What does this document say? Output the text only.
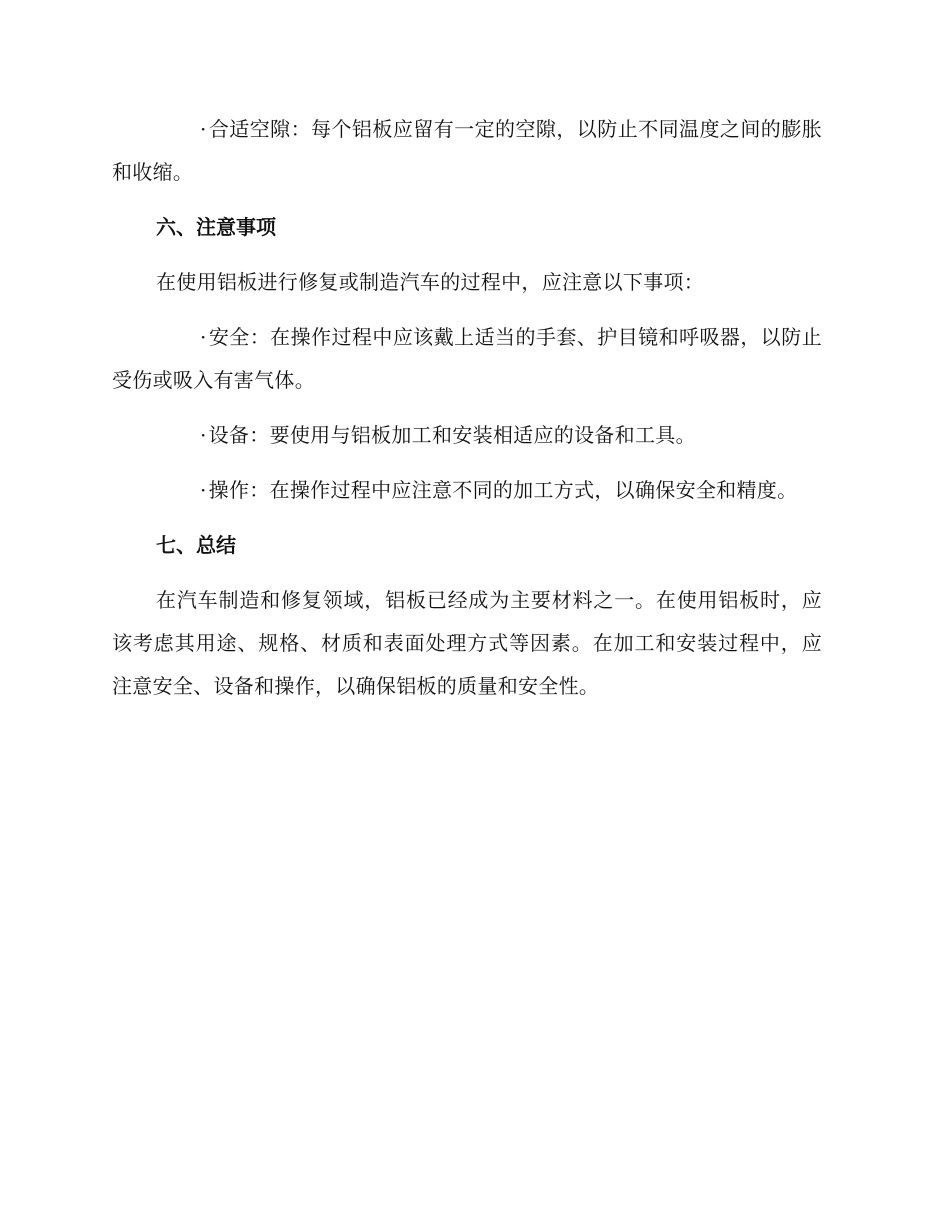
· 合适空隙：每个铝板应留有一定的空隙，以防止不同温度之间的膨胀和收缩。

六、注意事项

在使用铝板进行修复或制造汽车的过程中，应注意以下事项：

· 安全：在操作过程中应该戴上适当的手套、护目镜和呼吸器，以防止受伤或吸入有害气体。

· 设备：要使用与铝板加工和安装相适应的设备和工具。

· 操作：在操作过程中应注意不同的加工方式，以确保安全和精度。

七、总结

在汽车制造和修复领域，铝板已经成为主要材料之一。在使用铝板时，应该考虑其用途、规格、材质和表面处理方式等因素。在加工和安装过程中，应注意安全、设备和操作，以确保铝板的质量和安全性。
